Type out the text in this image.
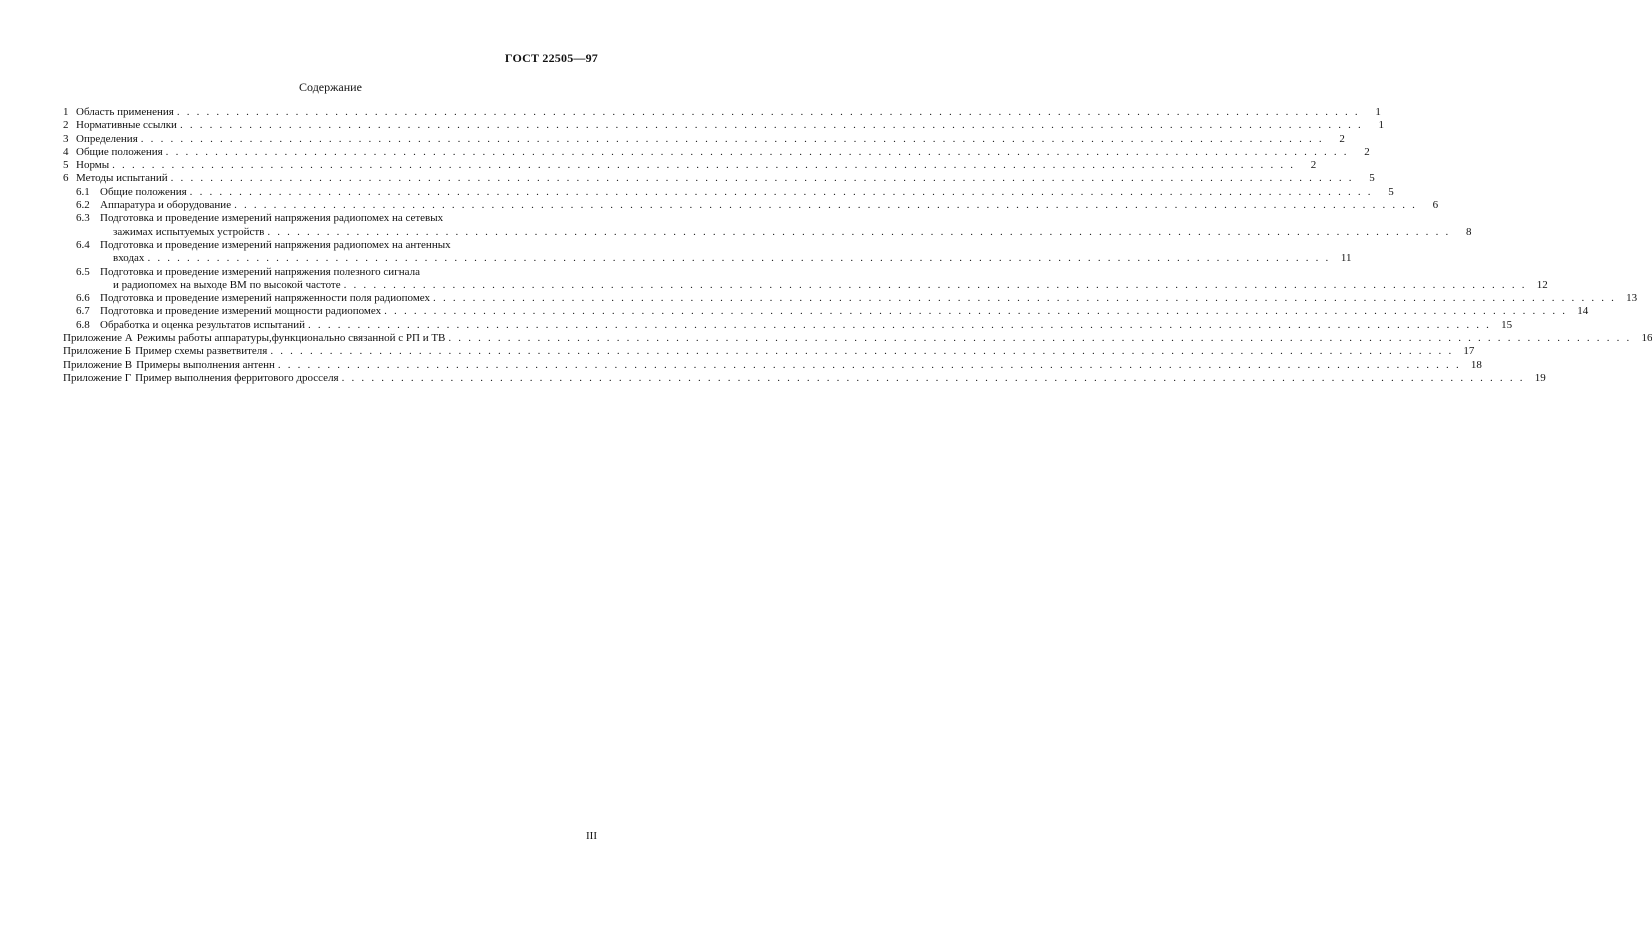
ГОСТ 22505—97
Содержание
1 Область применения . . . . . . . . . . . . . . . . . . . . . . . . . . . . . . . . . . . . . . . . . . . . . . . . . . . . . . . . . . . . . . . . . . . . . . . . . . . . . . . . . . . . . . . . . . . . . . . . . . . . . . . . . . . . . . . . . . . . . . . .	1
2 Нормативные ссылки . . . . . . . . . . . . . . . . . . . . . . . . . . . . . . . . . . . . . . . . . . . . . . . . . . . . . . . . . . . . . . . . . . . . . . . . . . . . . . . . . . . . . . . . . . . . . . . . . . . . . . . . . . . . . . . . . . . . . . . .	1
3 Определения . . . . . . . . . . . . . . . . . . . . . . . . . . . . . . . . . . . . . . . . . . . . . . . . . . . . . . . . . . . . . . . . . . . . . . . . . . . . . . . . . . . . . . . . . . . . . . . . . . . . . . . . . . . . . . . . . . . . . . . .	2
4 Общие положения . . . . . . . . . . . . . . . . . . . . . . . . . . . . . . . . . . . . . . . . . . . . . . . . . . . . . . . . . . . . . . . . . . . . . . . . . . . . . . . . . . . . . . . . . . . . . . . . . . . . . . . . . . . . . . . . . . . . . . . .	2
5 Нормы . . . . . . . . . . . . . . . . . . . . . . . . . . . . . . . . . . . . . . . . . . . . . . . . . . . . . . . . . . . . . . . . . . . . . . . . . . . . . . . . . . . . . . . . . . . . . . . . . . . . . . . . . . . . . . . . . . . . . . . .	2
6 Методы испытаний . . . . . . . . . . . . . . . . . . . . . . . . . . . . . . . . . . . . . . . . . . . . . . . . . . . . . . . . . . . . . . . . . . . . . . . . . . . . . . . . . . . . . . . . . . . . . . . . . . . . . . . . . . . . . . . . . . . . . . . .	5
6.1 Общие положения . . . . . . . . . . . . . . . . . . . . . . . . . . . . . . . . . . . . . . . . . . . . . . . . . . . . . . . . . . . . . . . . . . . . . . . . . . . . . . . . . . . . . . . . . . . . . . . . . . . . . . . . . . . . . . . . . . . . . . . .	5
6.2 Аппаратура и оборудование . . . . . . . . . . . . . . . . . . . . . . . . . . . . . . . . . . . . . . . . . . . . . . . . . . . . . . . . . . . . . . . . . . . . . . . . . . . . . . . . . . . . . . . . . . . . . . . . . . . . . . . . . . . . . . . . . . . . . . . .	6
6.3 Подготовка и проведение измерений напряжения радиопомех на сетевых
зажимах испытуемых устройств . . . . . . . . . . . . . . . . . . . . . . . . . . . . . . . . . . . . . . . . . . . . . . . . . . . . . . . . . . . . . . . . . . . . . . . . . . . . . . . . . . . . . . . . . . . . . . . . . . . . . . . . . . . . . . . . . . . . . . . .	8
6.4 Подготовка и проведение измерений напряжения радиопомех на антенных
входах . . . . . . . . . . . . . . . . . . . . . . . . . . . . . . . . . . . . . . . . . . . . . . . . . . . . . . . . . . . . . . . . . . . . . . . . . . . . . . . . . . . . . . . . . . . . . . . . . . . . . . . . . . . . . . . . . . . . . . . . 11
6.5 Подготовка и проведение измерений напряжения полезного сигнала
и радиопомех на выходе ВМ по высокой частоте . . . . . . . . . . . . . . . . . . . . . . . . . . . . . . . . . . . . . . . . . . . . . . . . . . . . . . . . . . . . . . . . . . . . . . . . . . . . . . . . . . . . . . . . . . . . . . . . . . . . . . . . . . . . . . . . . . . . . . . . 12
6.6 Подготовка и проведение измерений напряженности поля радиопомех . . . . . . . . . . . . . . . . . . . . . . . . . . . . . . . . . . . . . . . . . . . . . . . . . . . . . . . . . . . . . . . . . . . . . . . . . . . . . . . . . . . . . . . . . . . . . . . . . . . . . . . . . . . . . . . . . . . . . . . . 13
6.7 Подготовка и проведение измерений мощности радиопомех . . . . . . . . . . . . . . . . . . . . . . . . . . . . . . . . . . . . . . . . . . . . . . . . . . . . . . . . . . . . . . . . . . . . . . . . . . . . . . . . . . . . . . . . . . . . . . . . . . . . . . . . . . . . . . . . . . . . . . . . 14
6.8 Обработка и оценка результатов испытаний . . . . . . . . . . . . . . . . . . . . . . . . . . . . . . . . . . . . . . . . . . . . . . . . . . . . . . . . . . . . . . . . . . . . . . . . . . . . . . . . . . . . . . . . . . . . . . . . . . . . . . . . . . . . . . . . . . . . . . . . 15
Приложение А Режимы работы аппаратуры,функционально связанной с РП и ТВ . . . . . . . . . . . . . . . . . . . . . . . . . . . . . . . . . . . . . . . . . . . . . . . . . . . . . . . . . . . . . . . . . . . . . . . . . . . . . . . . . . . . . . . . . . . . . . . . . . . . . . . . . . . . . . . . . . . . . . . . 16
Приложение Б Пример схемы разветвителя . . . . . . . . . . . . . . . . . . . . . . . . . . . . . . . . . . . . . . . . . . . . . . . . . . . . . . . . . . . . . . . . . . . . . . . . . . . . . . . . . . . . . . . . . . . . . . . . . . . . . . . . . . . . . . . . . . . . . . . . 17
Приложение В Примеры выполнения антенн . . . . . . . . . . . . . . . . . . . . . . . . . . . . . . . . . . . . . . . . . . . . . . . . . . . . . . . . . . . . . . . . . . . . . . . . . . . . . . . . . . . . . . . . . . . . . . . . . . . . . . . . . . . . . . . . . . . . . . . . 18
Приложение Г Пример выполнения ферритового дросселя . . . . . . . . . . . . . . . . . . . . . . . . . . . . . . . . . . . . . . . . . . . . . . . . . . . . . . . . . . . . . . . . . . . . . . . . . . . . . . . . . . . . . . . . . . . . . . . . . . . . . . . . . . . . . . . . . . . . . . . . 19
III
